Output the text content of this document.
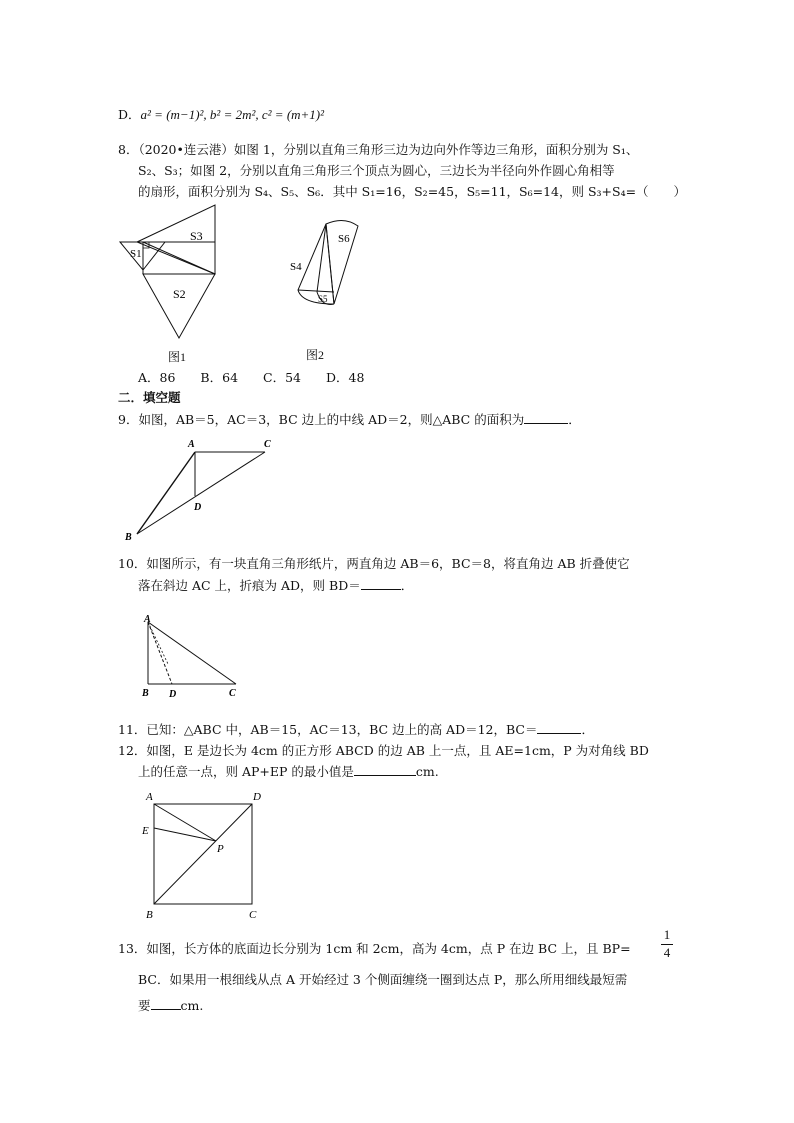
D．a² = (m−1)², b² = 2m², c² = (m+1)²
8．（2020•连云港）如图 1，分别以直角三角形三边为边向外作等边三角形，面积分别为 S₁、
S₂、S₃；如图 2，分别以直角三角形三个顶点为圆心，三边长为半径向外作圆心角相等
的扇形，面积分别为 S₄、S₅、S₆．其中 S₁=16，S₂=45，S₅=11，S₆=14，则 S₃+S₄=（　　）
S3
S1
S2
图1
S6
S4
S5
图2
A．86　　B．64　　C．54　　D．48
二．填空题
9．如图，AB＝5，AC＝3，BC 边上的中线 AD＝2，则△ABC 的面积为	．
A	C
D
B
10．如图所示，有一块直角三角形纸片，两直角边 AB＝6，BC＝8，将直角边 AB 折叠使它
落在斜边 AC 上，折痕为 AD，则 BD＝	．
A
B D	C
11．已知：△ABC 中，AB＝15，AC＝13，BC 边上的高 AD＝12，BC＝	．
12．如图，E 是边长为 4cm 的正方形 ABCD 的边 AB 上一点，且 AE=1cm，P 为对角线 BD
上的任意一点，则 AP+EP 的最小值是	cm.
A	D
E
P
B	C
13．如图，长方体的底面边长分别为 1cm 和 2cm，高为 4cm，点 P 在边 BC 上，且 $BP= \frac{1}{4}$
BC．如果用一根细线从点 A 开始经过 3 个侧面缠绕一圈到达点 P，那么所用细线最短需
要 cm.
